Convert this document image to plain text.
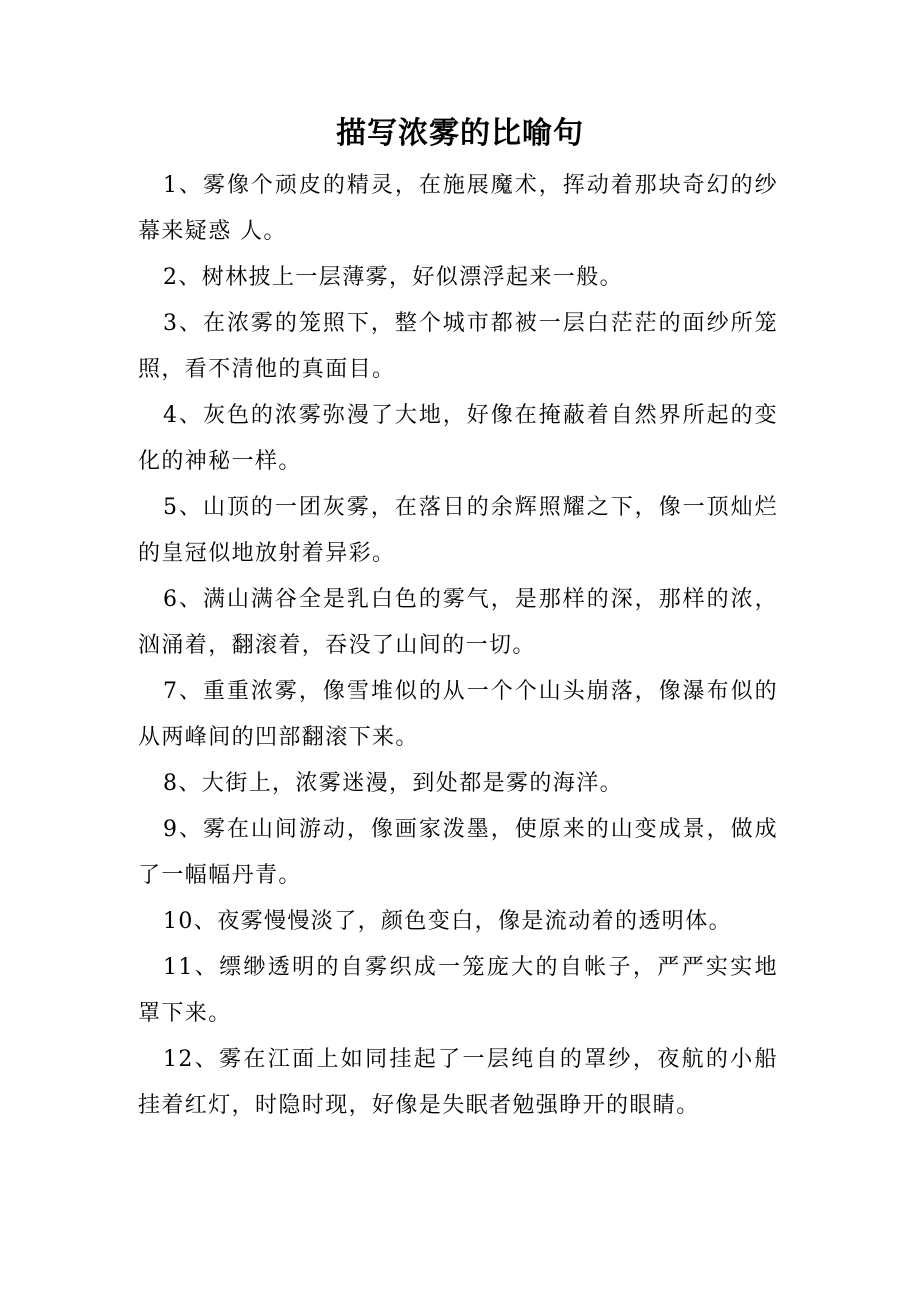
描写浓雾的比喻句

1、雾像个顽皮的精灵，在施展魔术，挥动着那块奇幻的纱幕来疑惑 人。

2、树林披上一层薄雾，好似漂浮起来一般。

3、在浓雾的笼照下，整个城市都被一层白茫茫的面纱所笼照，看不清他的真面目。

4、灰色的浓雾弥漫了大地，好像在掩蔽着自然界所起的变化的神秘一样。

5、山顶的一团灰雾，在落日的余辉照耀之下，像一顶灿烂的皇冠似地放射着异彩。

6、满山满谷全是乳白色的雾气，是那样的深，那样的浓，汹涌着，翻滚着，吞没了山间的一切。

7、重重浓雾，像雪堆似的从一个个山头崩落，像瀑布似的从两峰间的凹部翻滚下来。

8、大街上，浓雾迷漫，到处都是雾的海洋。

9、雾在山间游动，像画家泼墨，使原来的山变成景，做成了一幅幅丹青。

10、夜雾慢慢淡了，颜色变白，像是流动着的透明体。

11、缥缈透明的自雾织成一笼庞大的自帐子，严严实实地罩下来。

12、雾在江面上如同挂起了一层纯自的罩纱，夜航的小船挂着红灯，时隐时现，好像是失眠者勉强睁开的眼睛。
